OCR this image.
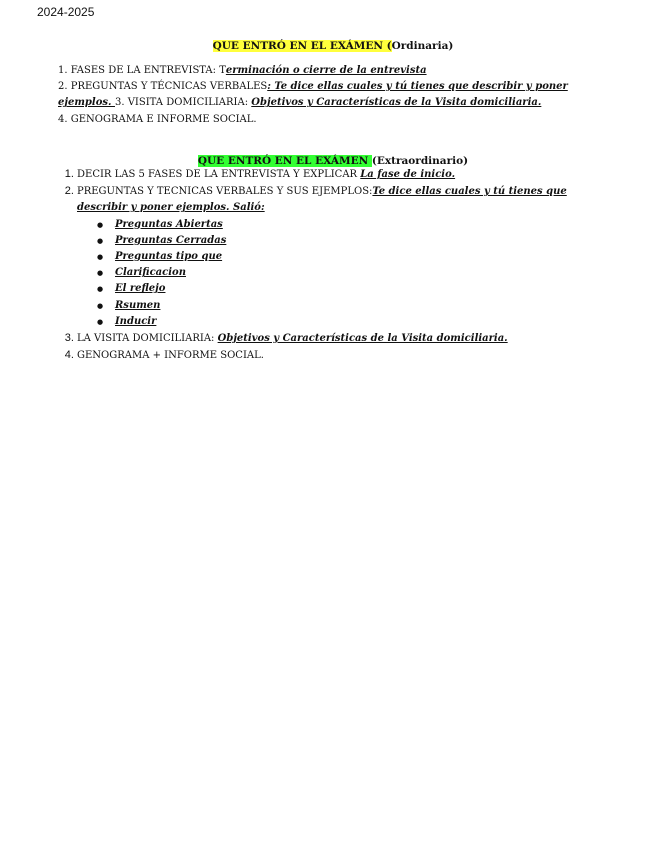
2024-2025
QUE ENTRÓ EN EL EXÁMEN (Ordinaria)

1. FASES DE LA ENTREVISTA: Terminación o cierre de la entrevista

2. PREGUNTAS Y TÉCNICAS VERBALES: Te dice ellas cuales y tú tienes que describir y poner ejemplos. 3. VISITA DOMICILIARIA: Objetivos y Características de la Visita domiciliaria.

4. GENOGRAMA E INFORME SOCIAL.

QUE ENTRÓ EN EL EXÁMEN (Extraordinario)
1. DECIR LAS 5 FASES DE LA ENTREVISTA Y EXPLICAR La fase de inicio.
2. PREGUNTAS Y TECNICAS VERBALES Y SUS EJEMPLOS:Te dice ellas cuales y tú tienes que describir y poner ejemplos. Salió:
● Preguntas Abiertas
● Preguntas Cerradas
● Preguntas tipo que
● Clarificacion
● El reflejo
● Rsumen
● Inducir
3. LA VISITA DOMICILIARIA: Objetivos y Características de la Visita domiciliaria.
4. GENOGRAMA + INFORME SOCIAL.
